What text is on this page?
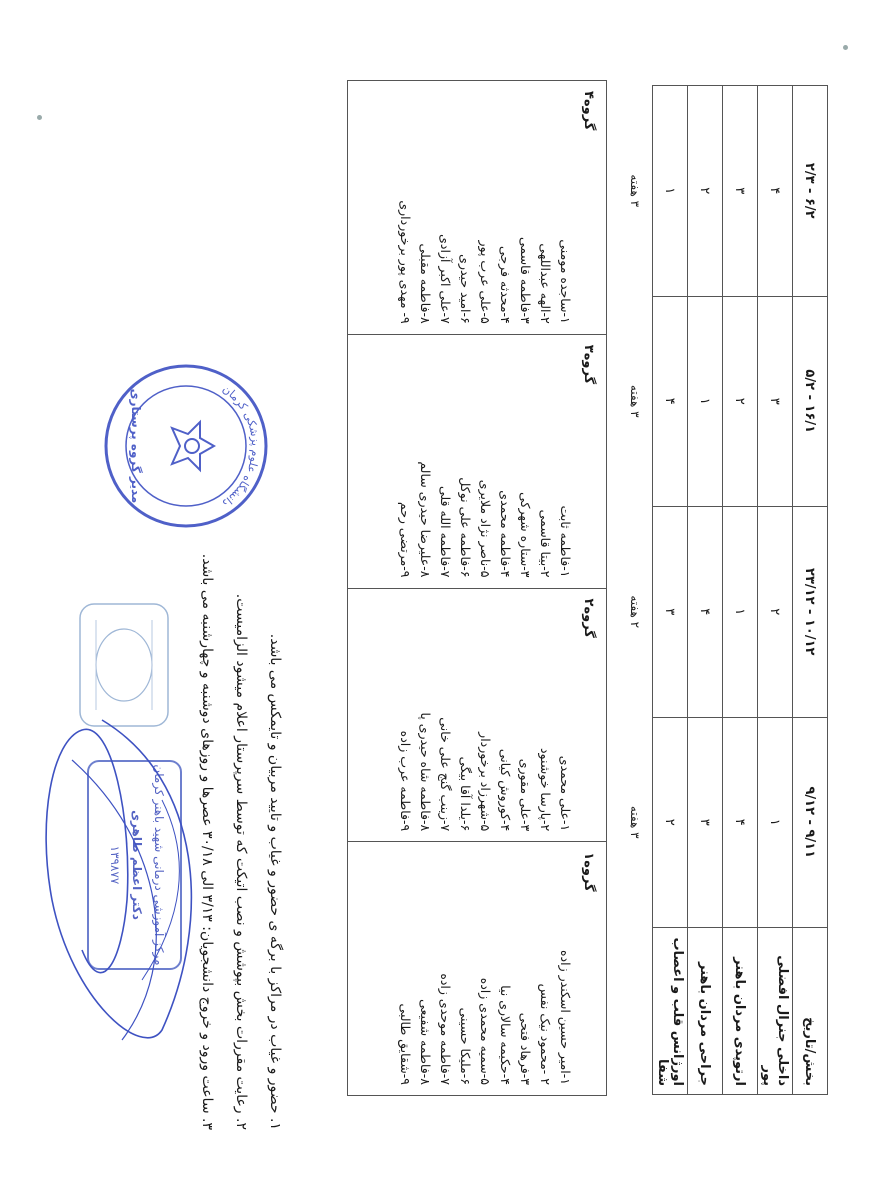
بخش/تاریخ	۹/۱۱ - ۹/۱۲	۱۰/۱۲ - ۲۳/۱۲	۱۶/۱ - ۵/۲	۶/۲ - ۲/۳
داخلی جنرال افضلی پور	۱	۲	۳	۴
ارتوپدی مردان باهنر	۴	۱	۲	۳
جراحی مردان باهنر	۳	۴	۱	۲
اورژانس قلب و اعصاب شفا	۲	۳	۴	۱
	۳ هفته	۲ هفته	۳ هفته	۳ هفته
گروه۱
۱-امیر حسین اسکندر زاده
۲ -محمود نیک نفس
۳-فرهاد فتحی
۴-حکیمه سالاری نیا
۵-سمیه محمدی زاده
۶-ملیکا حسینی
۷-فاطمه موحدی زاده
۸-فاطمه شفیعی
۹-شقایق طالبی

گروه۲
۱-علی محمدی
۲-پارسا خوشنود
۳-علی مقوری
۴-کوروش کیانی
۵-شهرزاد برخوردار
۶-یلدا آقا بیگی
۷-زینب گنج علی خانی
۸-فاطمه شاه حیدری پا
۹-فاطمه عرب زاده

گروه۳
۱-فاطمه ثابت
۲-بیتا قاسمی
۳-ستاره شهرکی
۴-فاطمه محمدی
۵-ناصر نژاد ملایری
۶-فاطمه علی نوکل
۷-فاطمه الله قلی
۸-علیرضا حیدری سالم
۹-مرتضی رحم

گروه۴
۱-ساجده مومنی
۲-الهه عبداللهی
۳-فاطمه قاسمی
۴-محدثه فرجی
۵-علی عرب پور
۶-امید حیدری
۷-علی اکبر آزادی
۸-فاطمه مقبلی
۹- مهدی پور برخورداری
۱. حضور و غیاب در مراکز با برگه ی حضور و غیاب و تایید مربیان و تایمکس می باشد.
۲. رعایت مقررات بخش بپوشش و نصب اتیکت که توسط سرپرستار اعلام میشود الزامیست.
۳. ساعت ورود و خروج دانشجویان: ۳/۱۳ الی ۳۰/۱۸ عصرها و روزهای دوشنبه و چهارشنبه می باشد.
دانشگاه علوم پزشکی کرمان
مدیر گروه پرستاری
مرکز آموزشی درمانی شهید باهنر کرمان
دکتر اعظم طاهری
۱۳۹۸۷۷
